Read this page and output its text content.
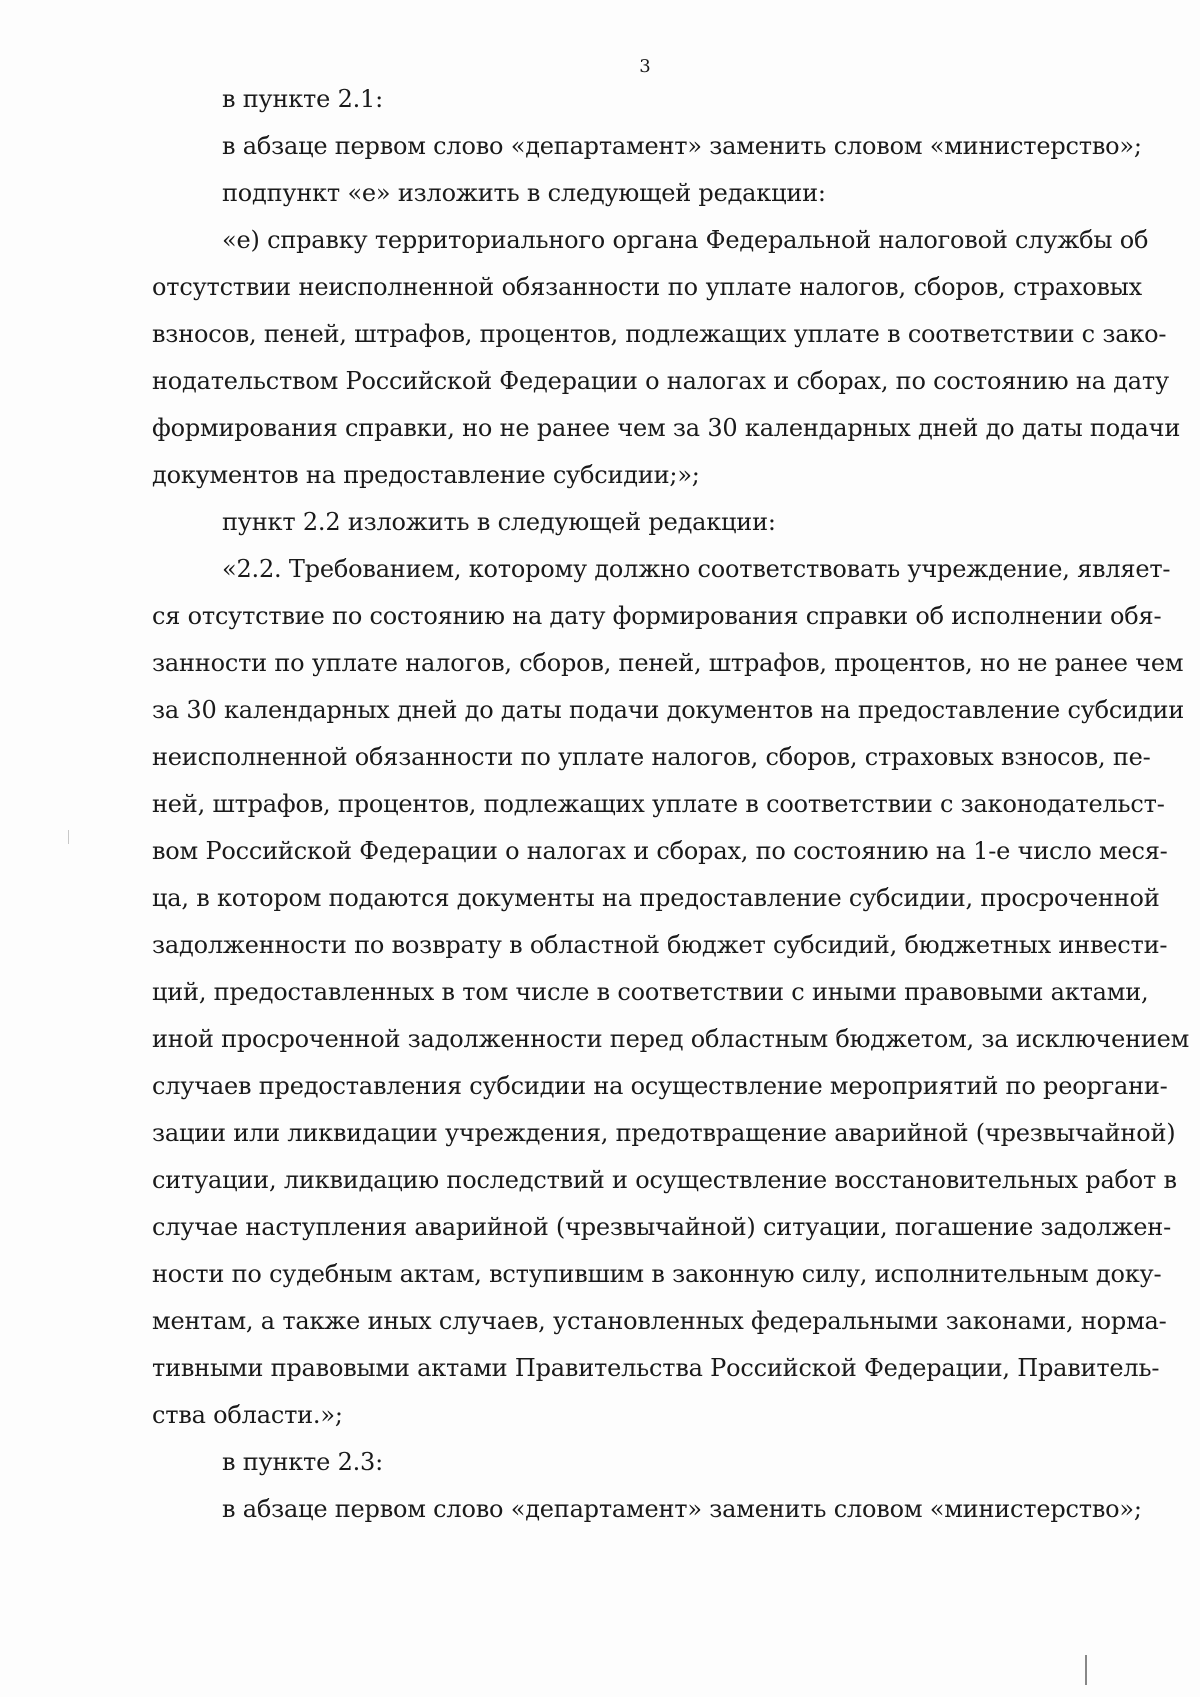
3
в пункте 2.1:
в абзаце первом слово «департамент» заменить словом «министерство»;
подпункт «е» изложить в следующей редакции:
«е) справку территориального органа Федеральной налоговой службы об
отсутствии неисполненной обязанности по уплате налогов, сборов, страховых
взносов, пеней, штрафов, процентов, подлежащих уплате в соответствии с зако-
нодательством Российской Федерации о налогах и сборах, по состоянию на дату
формирования справки, но не ранее чем за 30 календарных дней до даты подачи
документов на предоставление субсидии;»;
пункт 2.2 изложить в следующей редакции:
«2.2. Требованием, которому должно соответствовать учреждение, являет-
ся отсутствие по состоянию на дату формирования справки об исполнении обя-
занности по уплате налогов, сборов, пеней, штрафов, процентов, но не ранее чем
за 30 календарных дней до даты подачи документов на предоставление субсидии
неисполненной обязанности по уплате налогов, сборов, страховых взносов, пе-
ней, штрафов, процентов, подлежащих уплате в соответствии с законодательст-
вом Российской Федерации о налогах и сборах, по состоянию на 1-е число меся-
ца, в котором подаются документы на предоставление субсидии, просроченной
задолженности по возврату в областной бюджет субсидий, бюджетных инвести-
ций, предоставленных в том числе в соответствии с иными правовыми актами,
иной просроченной задолженности перед областным бюджетом, за исключением
случаев предоставления субсидии на осуществление мероприятий по реоргани-
зации или ликвидации учреждения, предотвращение аварийной (чрезвычайной)
ситуации, ликвидацию последствий и осуществление восстановительных работ в
случае наступления аварийной (чрезвычайной) ситуации, погашение задолжен-
ности по судебным актам, вступившим в законную силу, исполнительным доку-
ментам, а также иных случаев, установленных федеральными законами, норма-
тивными правовыми актами Правительства Российской Федерации, Правитель-
ства области.»;
в пункте 2.3:
в абзаце первом слово «департамент» заменить словом «министерство»;
